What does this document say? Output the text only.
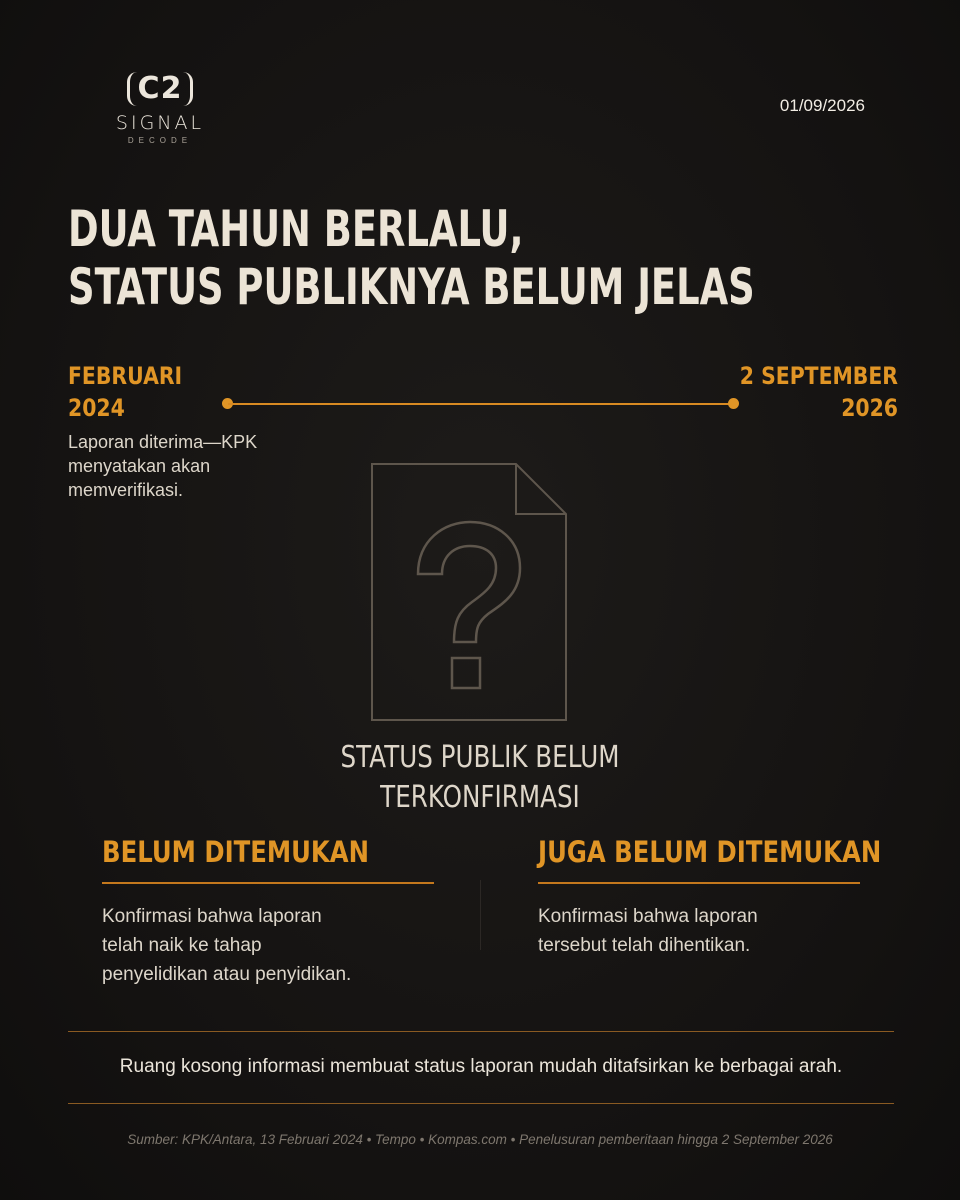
C2
SIGNAL
DECODE
01/09/2026
DUA TAHUN BERLALU,
STATUS PUBLIKNYA BELUM JELAS
FEBRUARI
2024
Laporan diterima—KPK menyatakan akan memverifikasi.
2 SEPTEMBER
2026
STATUS PUBLIK BELUM
TERKONFIRMASI
BELUM DITEMUKAN
Konfirmasi bahwa laporan
telah naik ke tahap
penyelidikan atau penyidikan.
JUGA BELUM DITEMUKAN
Konfirmasi bahwa laporan
tersebut telah dihentikan.
Ruang kosong informasi membuat status laporan mudah ditafsirkan ke berbagai arah.
Sumber: KPK/Antara, 13 Februari 2024 • Tempo • Kompas.com • Penelusuran pemberitaan hingga 2 September 2026
